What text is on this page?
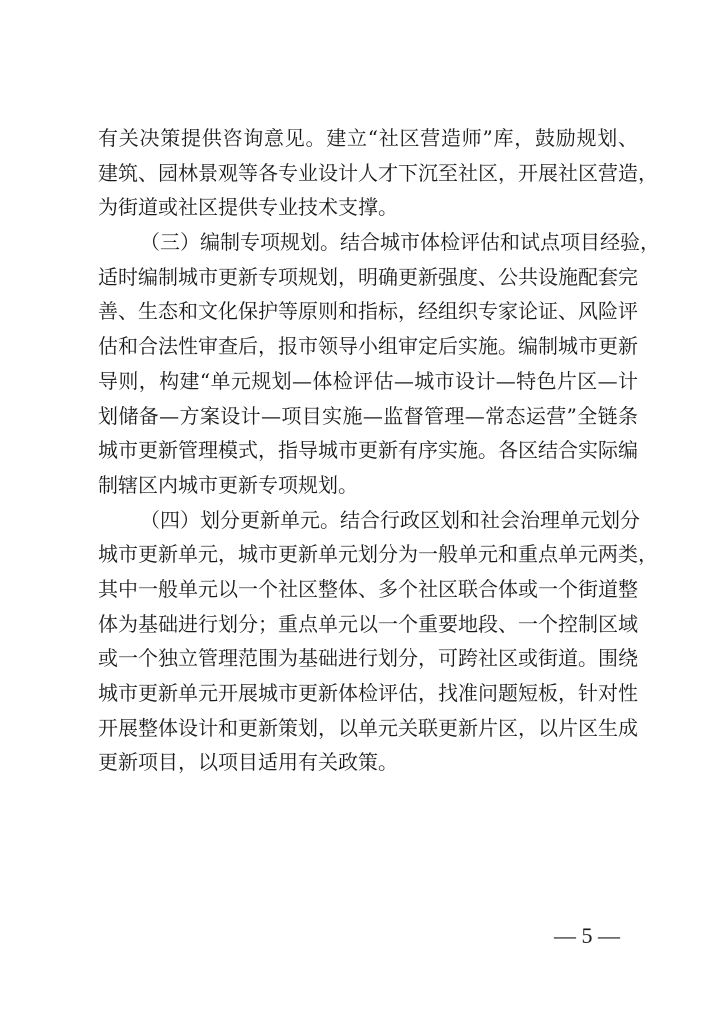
有关决策提供咨询意见。建立“社区营造师”库，鼓励规划、
建筑、园林景观等各专业设计人才下沉至社区，开展社区营造，
为街道或社区提供专业技术支撑。
（三）编制专项规划。结合城市体检评估和试点项目经验，
适时编制城市更新专项规划，明确更新强度、公共设施配套完
善、生态和文化保护等原则和指标，经组织专家论证、风险评
估和合法性审查后，报市领导小组审定后实施。编制城市更新
导则，构建“单元规划—体检评估—城市设计—特色片区—计
划储备—方案设计—项目实施—监督管理—常态运营”全链条
城市更新管理模式，指导城市更新有序实施。各区结合实际编
制辖区内城市更新专项规划。
（四）划分更新单元。结合行政区划和社会治理单元划分
城市更新单元，城市更新单元划分为一般单元和重点单元两类，
其中一般单元以一个社区整体、多个社区联合体或一个街道整
体为基础进行划分；重点单元以一个重要地段、一个控制区域
或一个独立管理范围为基础进行划分，可跨社区或街道。围绕
城市更新单元开展城市更新体检评估，找准问题短板，针对性
开展整体设计和更新策划，以单元关联更新片区，以片区生成
更新项目，以项目适用有关政策。
— 5 —
